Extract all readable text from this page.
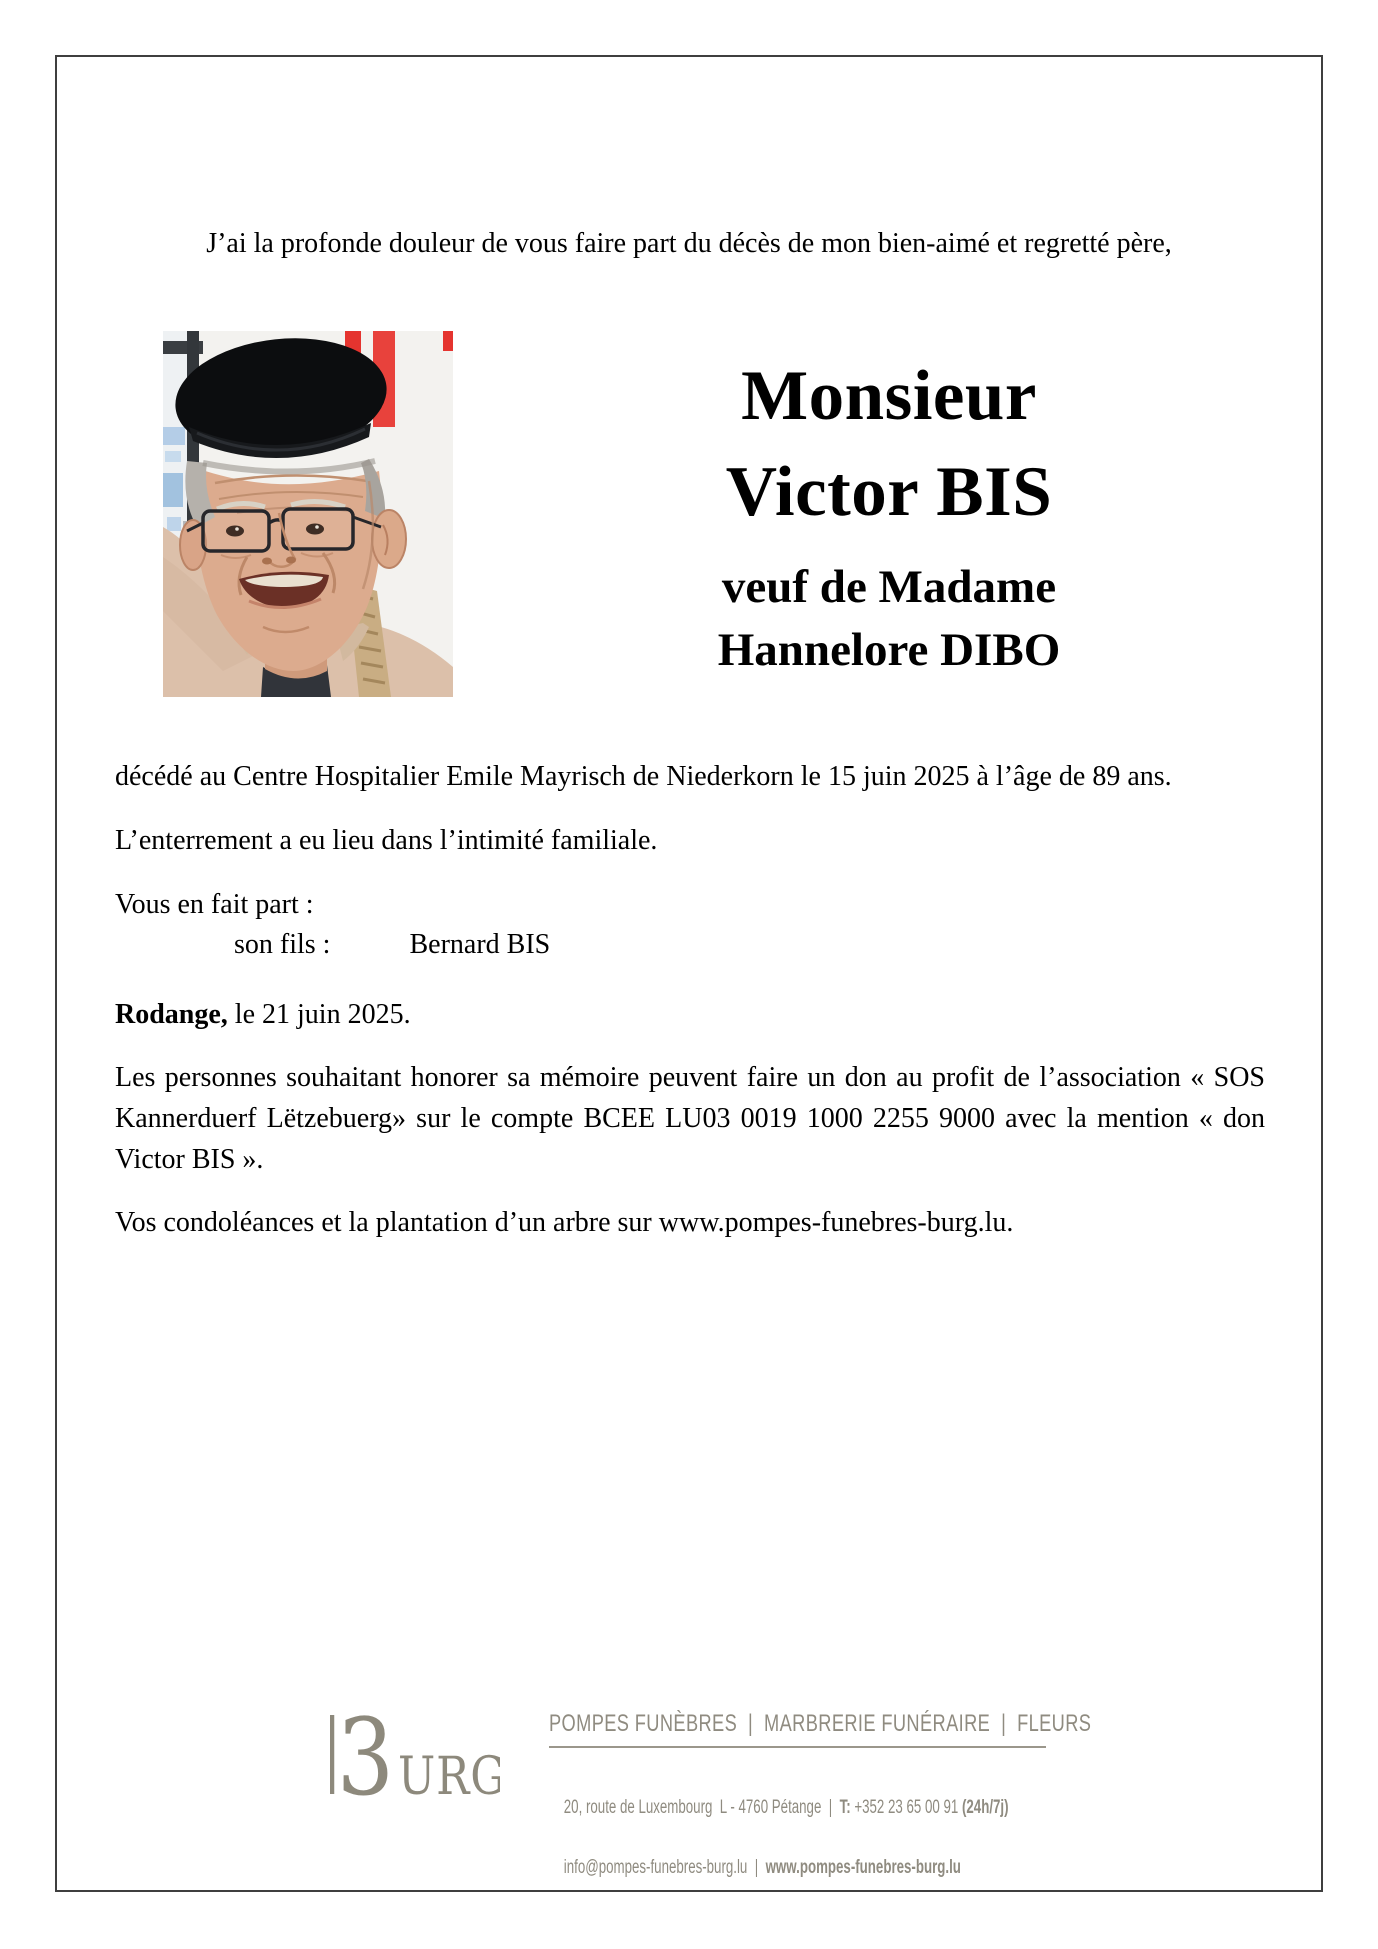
J’ai la profonde douleur de vous faire part du décès de mon bien-aimé et regretté père,
Monsieur
Victor BIS
veuf de Madame
Hannelore DIBO

décédé au Centre Hospitalier Emile Mayrisch de Niederkorn le 15 juin 2025 à l’âge de 89 ans.

L’enterrement a eu lieu dans l’intimité familiale.

Vous en fait part :
son fils :	Bernard BIS

Rodange, le 21 juin 2025.

Les personnes souhaitant honorer sa mémoire peuvent faire un don au profit de l’association « SOS Kannerduerf Lëtzebuerg» sur le compte BCEE LU03 0019 1000 2255 9000 avec la mention « don Victor BIS ».

Vos condoléances et la plantation d’un arbre sur www.pompes-funebres-burg.lu.

3 URG
POMPES FUNÈBRES  |  MARBRERIE FUNÉRAIRE  |  FLEURS

20, route de Luxembourg  L - 4760 Pétange  |  T: +352 23 65 00 91 (24h/7j)

info@pompes-funebres-burg.lu  |  www.pompes-funebres-burg.lu
